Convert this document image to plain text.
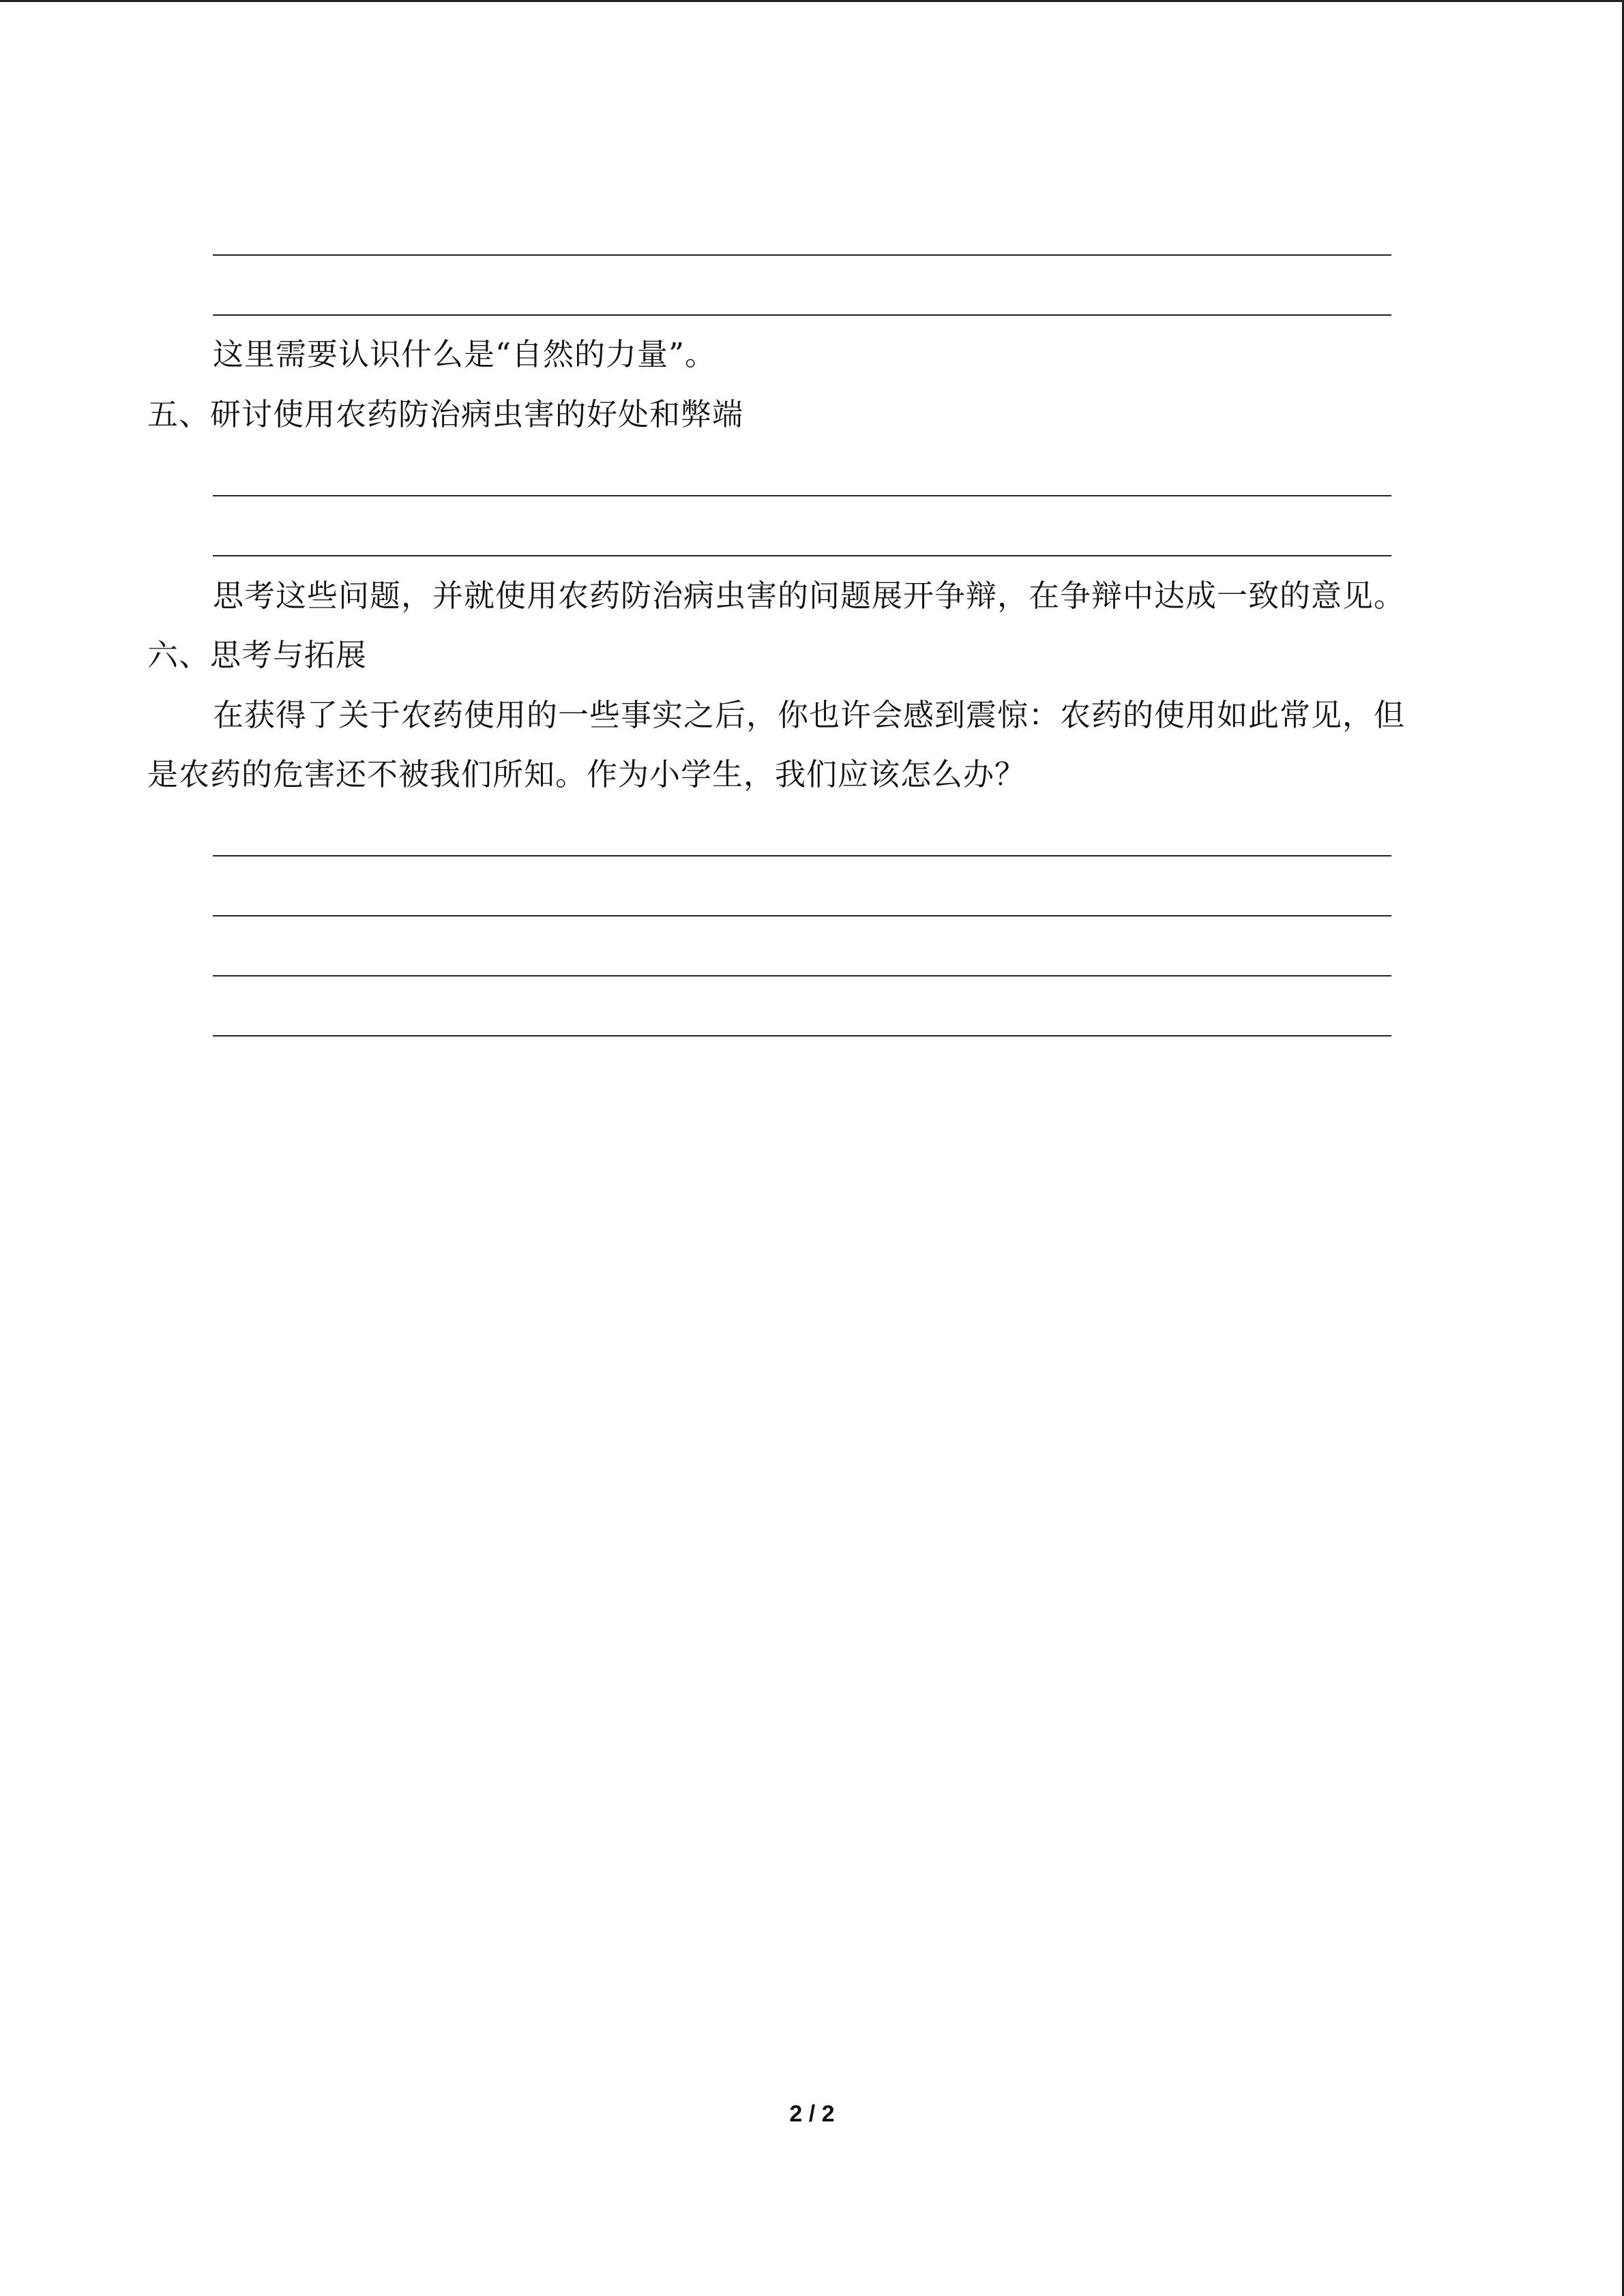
这里需要认识什么是“自然的力量”。
五、研讨使用农药防治病虫害的好处和弊端
思考这些问题，并就使用农药防治病虫害的问题展开争辩，在争辩中达成一致的意见。
六、思考与拓展
在获得了关于农药使用的一些事实之后，你也许会感到震惊：农药的使用如此常见，但
是农药的危害还不被我们所知。作为小学生，我们应该怎么办？
2 / 2
